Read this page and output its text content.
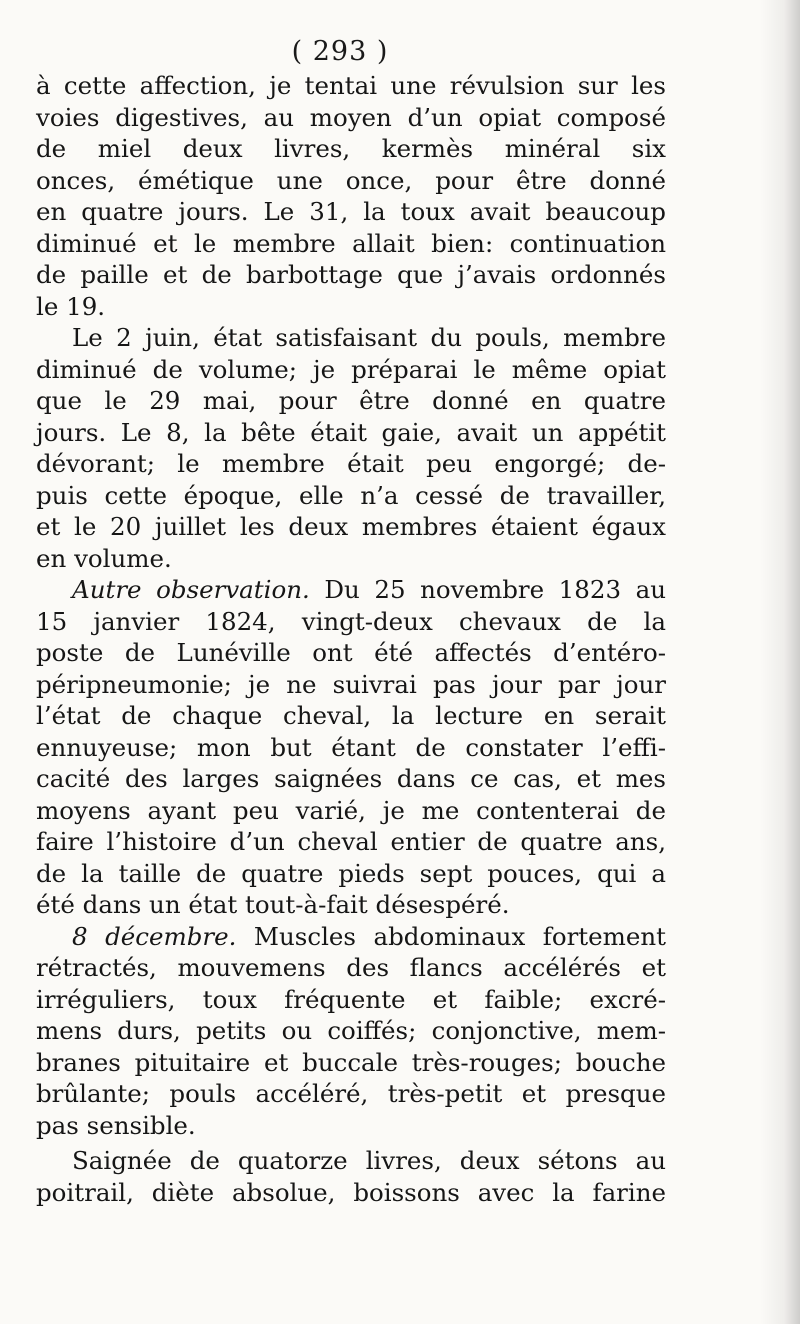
( 293 )
à cette affection, je tentai une révulsion sur les
voies digestives, au moyen d’un opiat composé
de miel deux livres, kermès minéral six
onces, émétique une once, pour être donné
en quatre jours. Le 31, la toux avait beaucoup
diminué et le membre allait bien: continuation
de paille et de barbottage que j’avais ordonnés
le 19.
Le 2 juin, état satisfaisant du pouls, membre
diminué de volume; je préparai le même opiat
que le 29 mai, pour être donné en quatre
jours. Le 8, la bête était gaie, avait un appétit
dévorant; le membre était peu engorgé; de-
puis cette époque, elle n’a cessé de travailler,
et le 20 juillet les deux membres étaient égaux
en volume.
Autre observation. Du 25 novembre 1823 au
15 janvier 1824, vingt-deux chevaux de la
poste de Lunéville ont été affectés d’entéro-
péripneumonie; je ne suivrai pas jour par jour
l’état de chaque cheval, la lecture en serait
ennuyeuse; mon but étant de constater l’effi-
cacité des larges saignées dans ce cas, et mes
moyens ayant peu varié, je me contenterai de
faire l’histoire d’un cheval entier de quatre ans,
de la taille de quatre pieds sept pouces, qui a
été dans un état tout-à-fait désespéré.
8 décembre. Muscles abdominaux fortement
rétractés, mouvemens des flancs accélérés et
irréguliers, toux fréquente et faible; excré-
mens durs, petits ou coiffés; conjonctive, mem-
branes pituitaire et buccale très-rouges; bouche
brûlante; pouls accéléré, très-petit et presque
pas sensible.
Saignée de quatorze livres, deux sétons au
poitrail, diète absolue, boissons avec la farine
